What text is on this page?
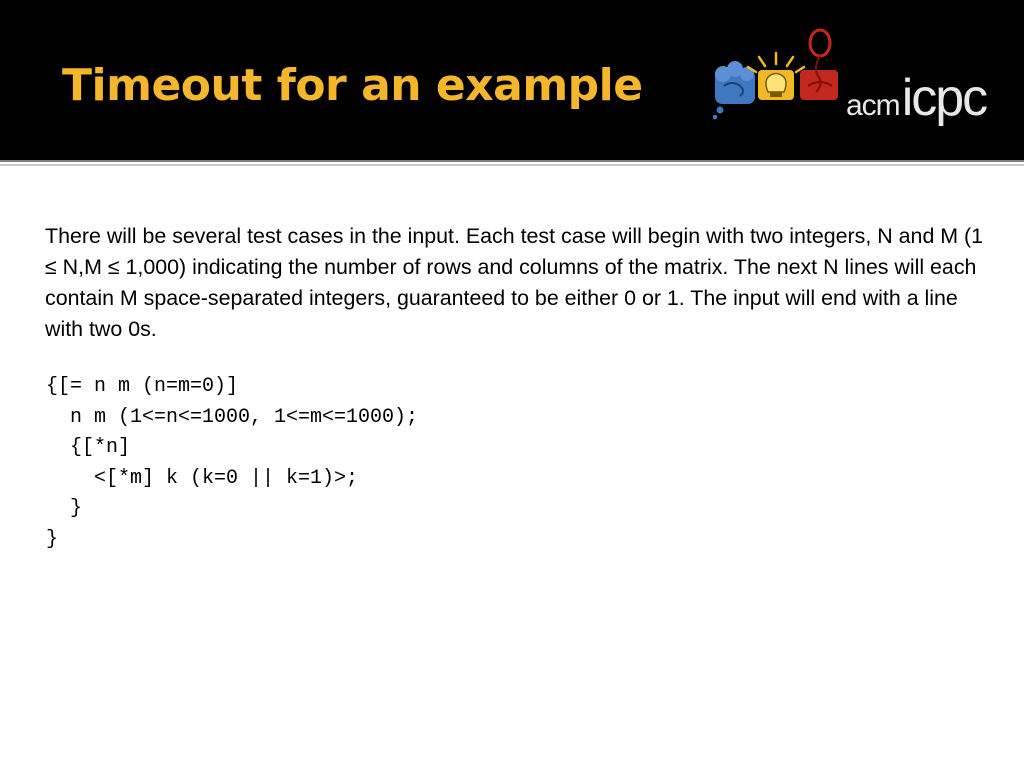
Timeout for an example	acmicpc

There will be several test cases in the input. Each test case will begin with two integers, N and M (1 ≤ N,M ≤ 1,000) indicating the number of rows and columns of the matrix. The next N lines will each contain M space-separated integers, guaranteed to be either 0 or 1. The input will end with a line with two 0s.

{[= n m (n=m=0)]
n m (1<=n<=1000, 1<=m<=1000);
{[*n]
<[*m] k (k=0 || k=1)>;
}
}
